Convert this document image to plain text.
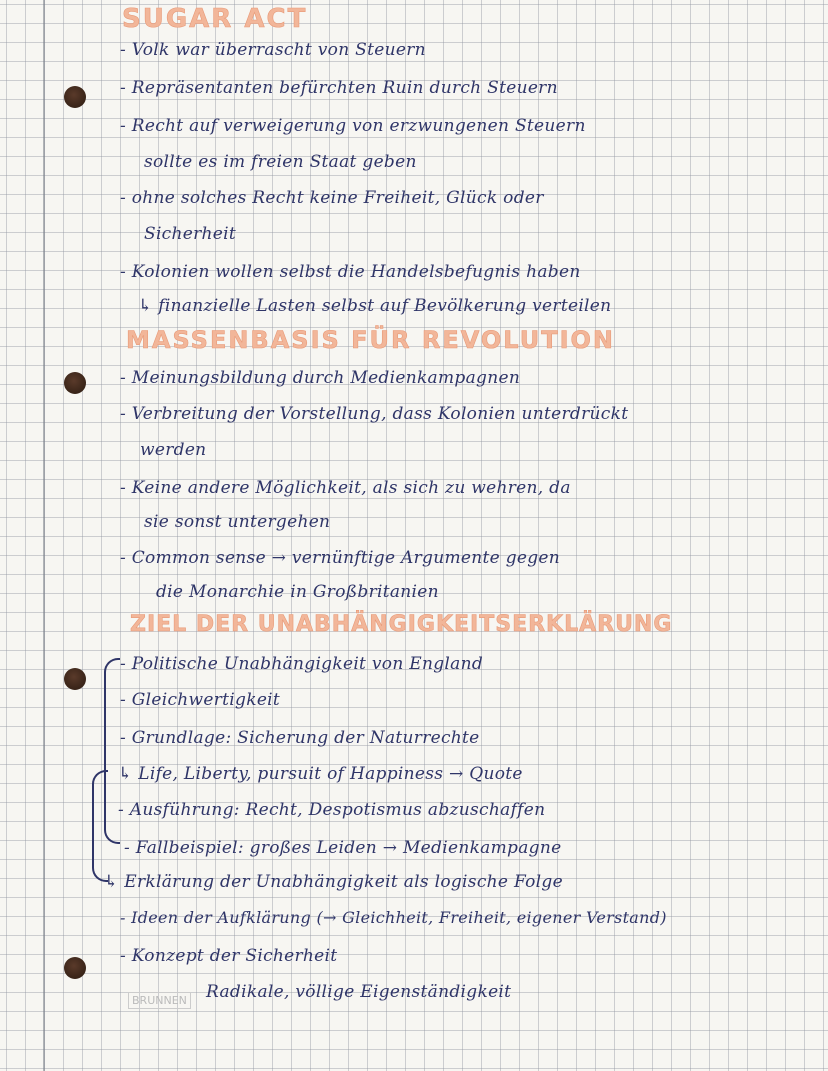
SUGAR ACT

- Volk war überrascht von Steuern

- Repräsentanten befürchten Ruin durch Steuern

- Recht auf verweigerung von erzwungenen Steuern

sollte es im freien Staat geben

- ohne solches Recht keine Freiheit, Glück oder

Sicherheit

- Kolonien wollen selbst die Handelsbefugnis haben

↳ finanzielle Lasten selbst auf Bevölkerung verteilen

MASSENBASIS FÜR REVOLUTION

- Meinungsbildung durch Medienkampagnen

- Verbreitung der Vorstellung, dass Kolonien unterdrückt

werden

- Keine andere Möglichkeit, als sich zu wehren, da

sie sonst untergehen

- Common sense → vernünftige Argumente gegen

die Monarchie in Großbritanien

ZIEL DER UNABHÄNGIGKEITSERKLÄRUNG

- Politische Unabhängigkeit von England

- Gleichwertigkeit

- Grundlage: Sicherung der Naturrechte

↳ Life, Liberty, pursuit of Happiness → Quote

- Ausführung: Recht, Despotismus abzuschaffen

- Fallbeispiel: großes Leiden → Medienkampagne

↳ Erklärung der Unabhängigkeit als logische Folge

- Ideen der Aufklärung (→ Gleichheit, Freiheit, eigener Verstand)

- Konzept der Sicherheit

BRUNNEN Radikale, völlige Eigenständigkeit
